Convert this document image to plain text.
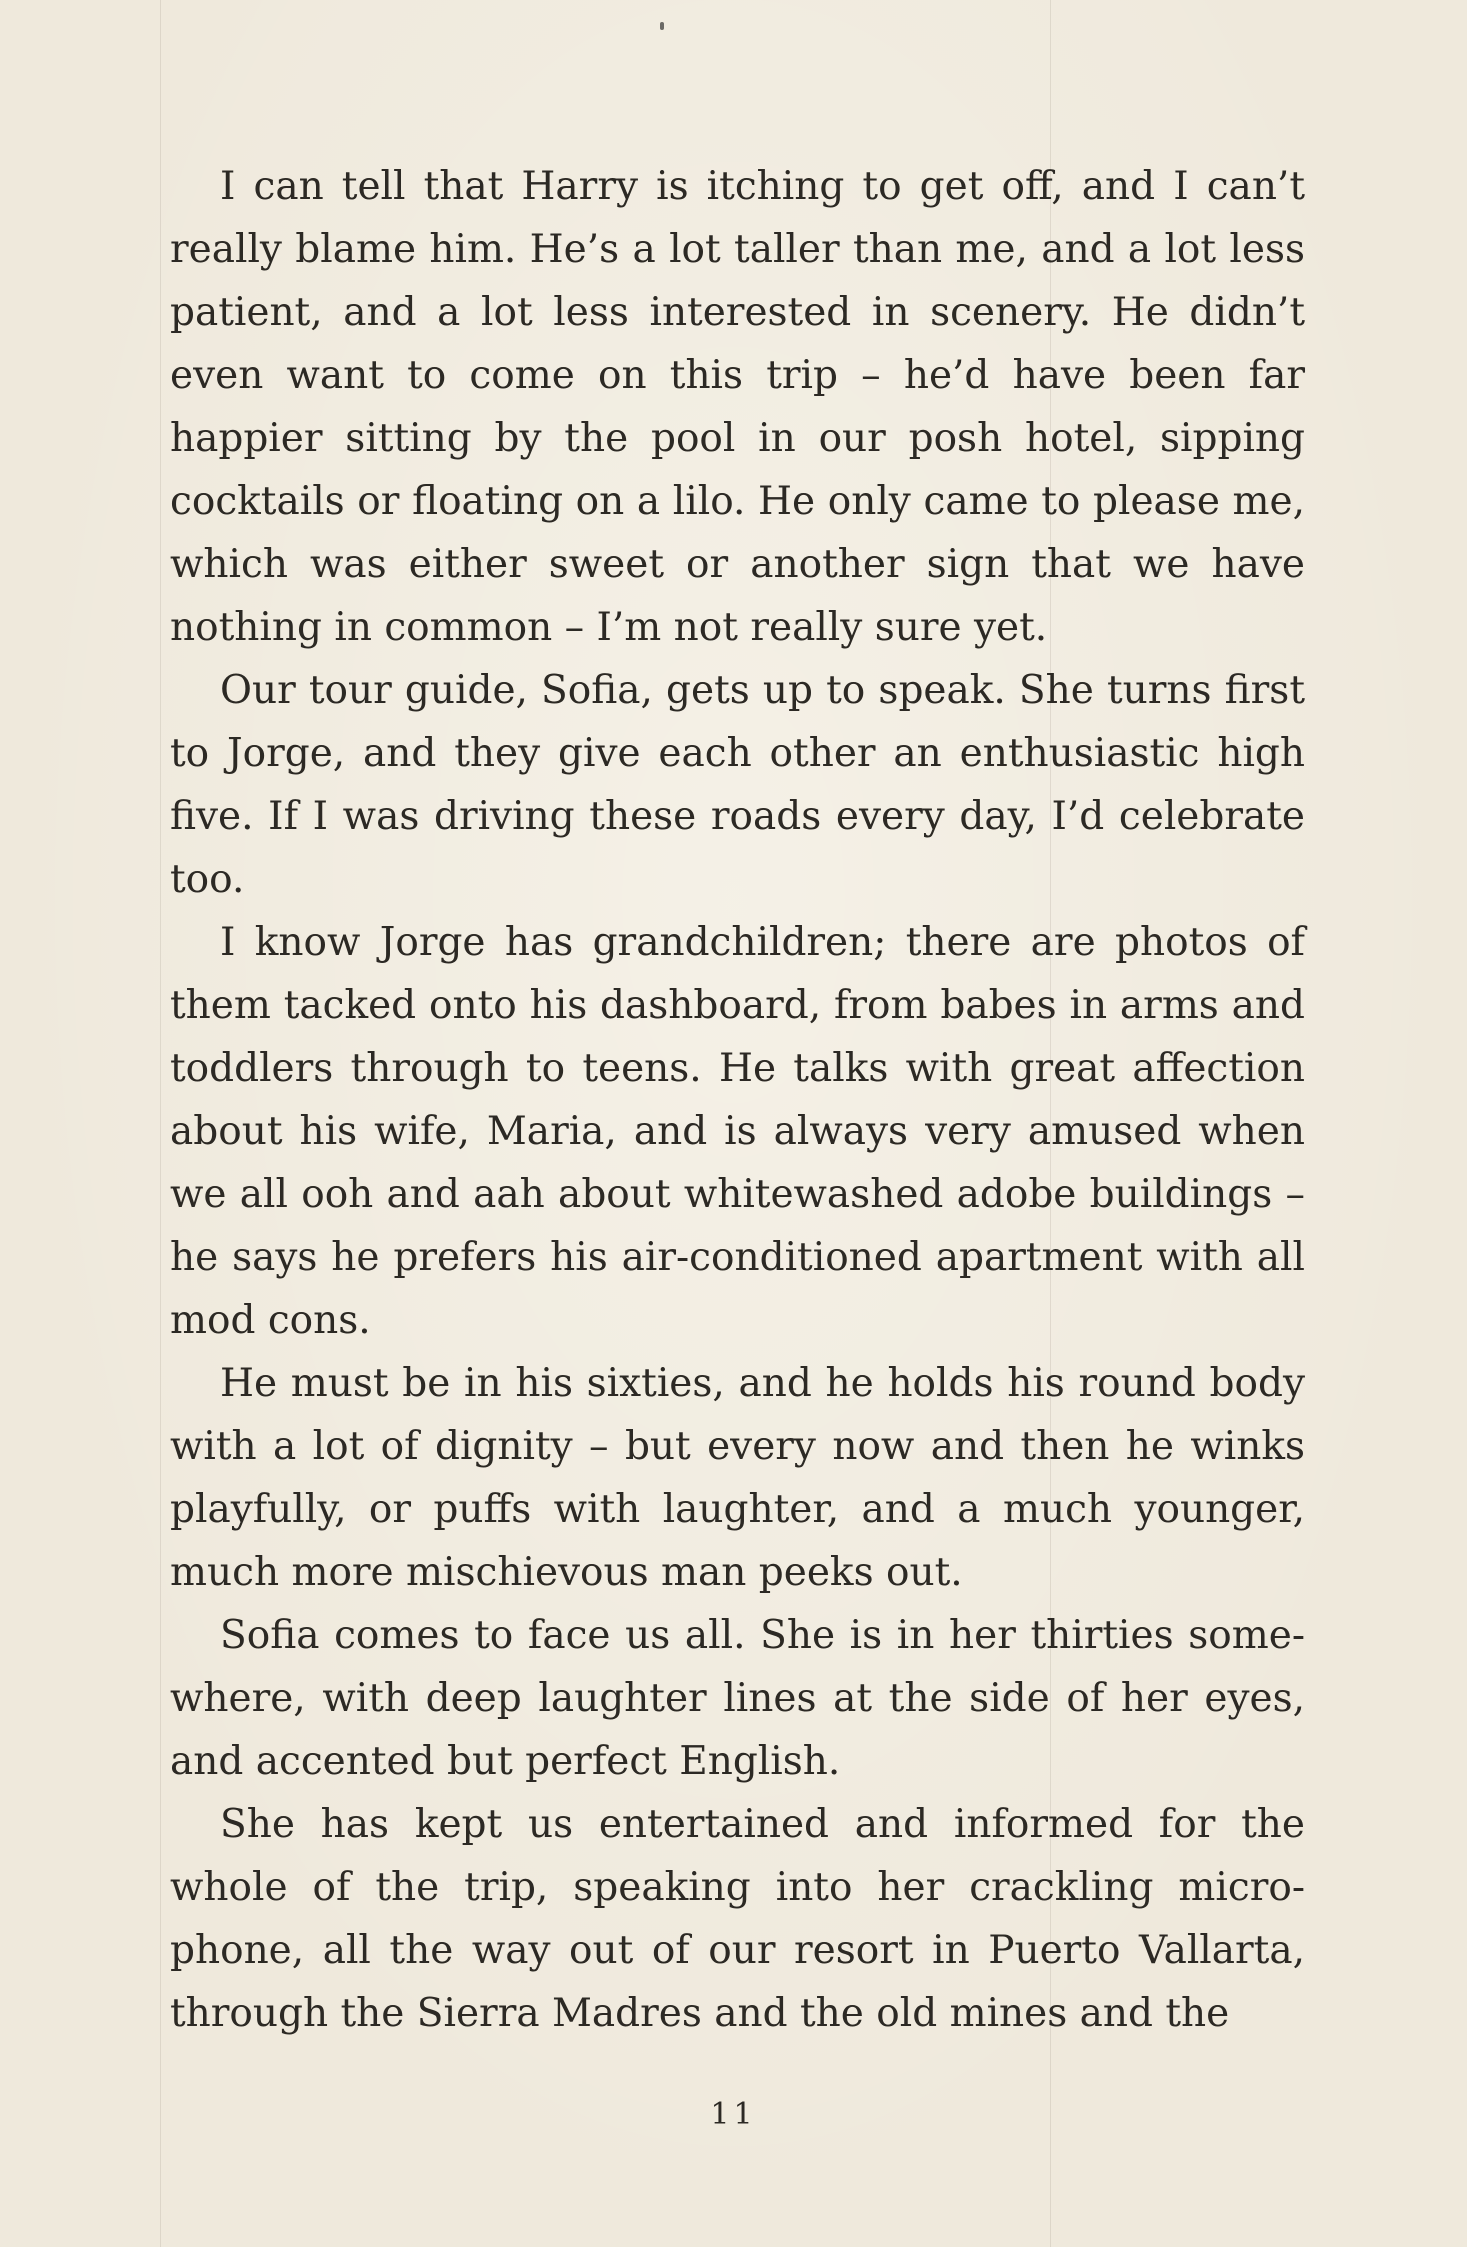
I can tell that Harry is itching to get off, and I can’t really blame him. He’s a lot taller than me, and a lot less patient, and a lot less interested in scenery. He didn’t even want to come on this trip – he’d have been far happier sitting by the pool in our posh hotel, sipping cocktails or floating on a lilo. He only came to please me, which was either sweet or another sign that we have nothing in common – I’m not really sure yet.

Our tour guide, Sofia, gets up to speak. She turns first to Jorge, and they give each other an enthusiastic high five. If I was driving these roads every day, I’d celebrate too.

I know Jorge has grandchildren; there are photos of them tacked onto his dashboard, from babes in arms and toddlers through to teens. He talks with great affection about his wife, Maria, and is always very amused when we all ooh and aah about whitewashed adobe buildings – he says he prefers his air-conditioned apartment with all mod cons.

He must be in his sixties, and he holds his round body with a lot of dignity – but every now and then he winks playfully, or puffs with laughter, and a much younger, much more mischievous man peeks out.

Sofia comes to face us all. She is in her thirties somewhere, with deep laughter lines at the side of her eyes, and accented but perfect English.

She has kept us entertained and informed for the whole of the trip, speaking into her crackling microphone, all the way out of our resort in Puerto Vallarta, through the Sierra Madres and the old mines and the

11
